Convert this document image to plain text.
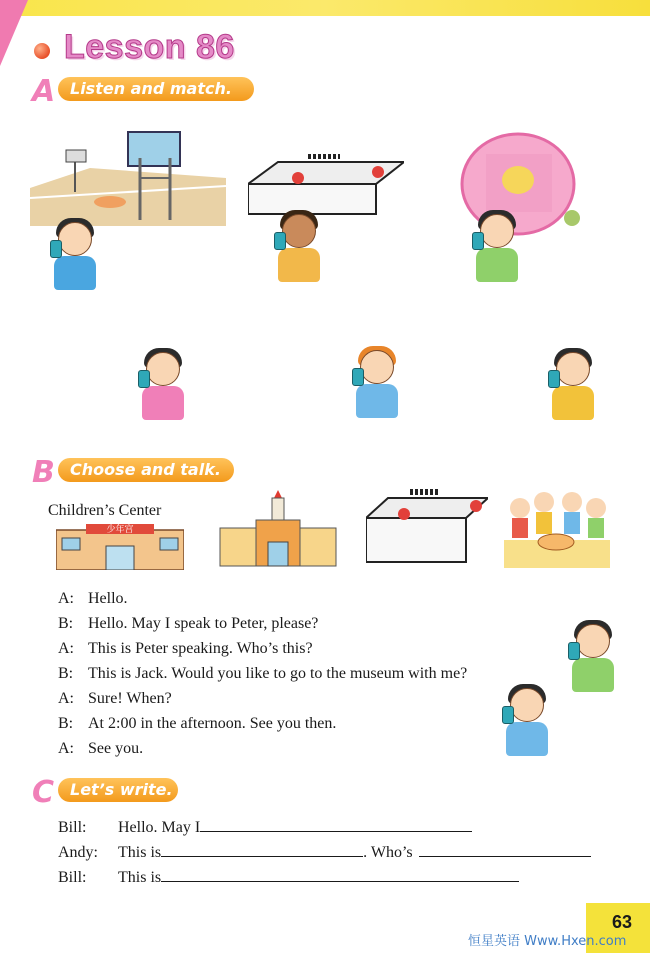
Lesson 86
A Listen and match.
B Choose and talk.
Children’s Center
少年宫
A: Hello.
B: Hello. May I speak to Peter, please?
A: This is Peter speaking. Who’s this?
B: This is Jack. Would you like to go to the museum with me?
A: Sure! When?
B: At 2:00 in the afternoon. See you then.
A: See you.
C Let’s write.
Bill: Hello. May I
Andy: This is	. Who’s
Bill: This is
63
恒星英语 Www.Hxen.com
